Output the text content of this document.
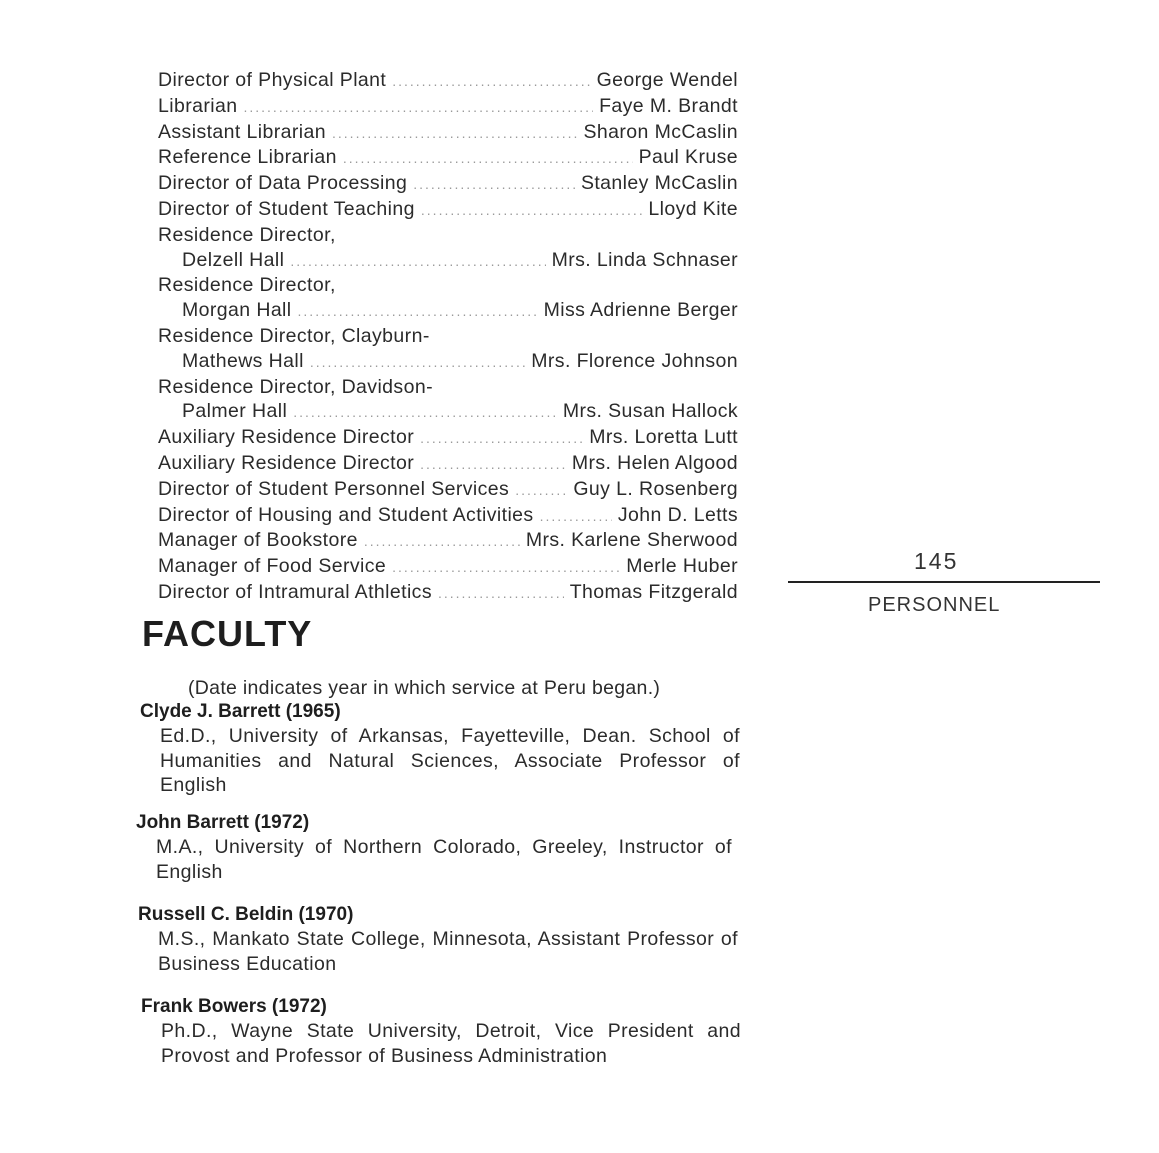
Director of Physical Plant .....	George Wendel
Librarian .....	Faye M. Brandt
Assistant Librarian .....	Sharon McCaslin
Reference Librarian .....	Paul Kruse
Director of Data Processing .....	Stanley McCaslin
Director of Student Teaching .....	Lloyd Kite
Residence Director,
Delzell Hall .....	Mrs. Linda Schnaser
Residence Director,
Morgan Hall .....	Miss Adrienne Berger
Residence Director, Clayburn-
Mathews Hall .....	Mrs. Florence Johnson
Residence Director, Davidson-
Palmer Hall .....	Mrs. Susan Hallock
Auxiliary Residence Director .....	Mrs. Loretta Lutt
Auxiliary Residence Director .....	Mrs. Helen Algood
Director of Student Personnel Services .....	Guy L. Rosenberg
Director of Housing and Student Activities .....	John D. Letts
Manager of Bookstore .....	Mrs. Karlene Sherwood
Manager of Food Service .....	Merle Huber
Director of Intramural Athletics .....	Thomas Fitzgerald
FACULTY
(Date indicates year in which service at Peru began.)
Clyde J. Barrett (1965)
Ed.D., University of Arkansas, Fayetteville, Dean. School of Humanities and Natural Sciences, Associate Professor of English
John Barrett (1972)
M.A., University of Northern Colorado, Greeley, Instructor of English
Russell C. Beldin (1970)
M.S., Mankato State College, Minnesota, Assistant Professor of Business Education
Frank Bowers (1972)
Ph.D., Wayne State University, Detroit, Vice President and Provost and Professor of Business Administration
145
PERSONNEL
